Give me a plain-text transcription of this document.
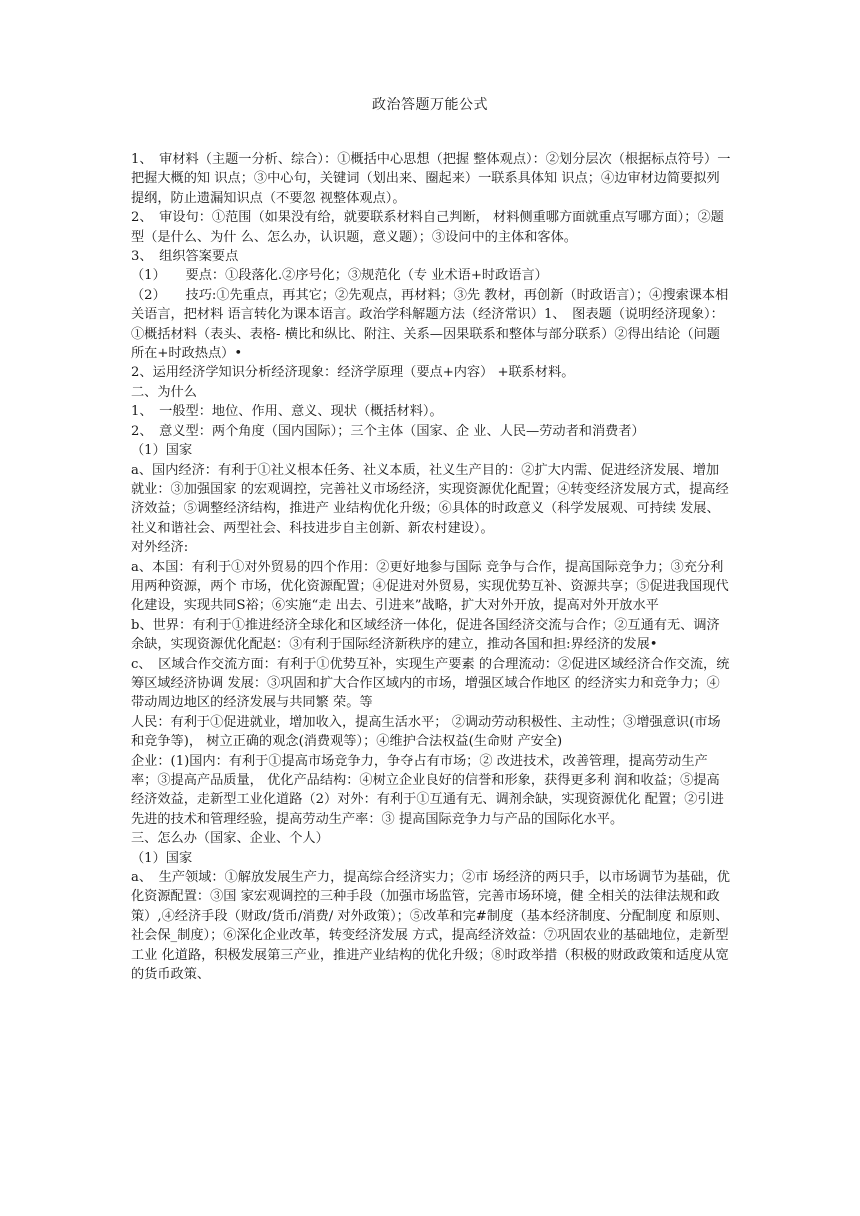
政治答题万能公式

1、　审材料（主题一分析、综合）：①概括中心思想（把握 整体观点）：②划分层次（根据标点符号）一把握大概的知 识点；③中心句，关键词（划出来、圈起来）一联系具体知 识点；④边审材边简要拟列提纲，防止遗漏知识点（不要忽 视整体观点）。

2、　审设句：①范围（如果没有给，就要联系材料自己判断， 材料侧重哪方面就重点写哪方面）；②题型（是什么、为什 么、怎么办，认识题，意义题）；③设问中的主体和客体。

3、　组织答案要点

（1）　　要点：①段落化.②序号化；③规范化（专 业术语+时政语言）

（2）　　技巧:①先重点，再其它；②先观点，再材料；③先 教材，再创新（时政语言）；④搜索课本相关语言，把材料 语言转化为课本语言。政治学科解题方法（经济常识）1、　图表题（说明经济现象）：①概括材料（表头、表格- 横比和纵比、附注、关系—因果联系和整体与部分联系）②得出结论（问题所在+时政热点）•

2、运用经济学知识分析经济现象：经济学原理（要点+内容） +联系材料。

二、为什么

1、　一般型：地位、作用、意义、现状（概括材料）。

2、　意义型：两个角度（国内国际）；三个主体（国家、企 业、人民—劳动者和消费者）

（1）国家

a、国内经济：有利于①社义根本任务、社义本质，社义生产目的：②扩大内需、促进经济发展、增加就业：③加强国家 的宏观调控，完善社义市场经济，实现资源优化配置；④转变经济发展方式，提高经济效益；⑤调整经济结构，推进产 业结构优化升级；⑥具体的时政意义（科学发展观、可持续 发展、社义和谐社会、两型社会、科技进步自主创新、新农村建设）。

对外经济:

a、本国：有利于①对外贸易的四个作用：②更好地参与国际 竞争与合作，提高国际竞争力；③充分利用两种资源，两个 市场，优化资源配置；④促进对外贸易，实现优势互补、资源共享；⑤促进我国现代化建设，实现共同S裕；⑥实施“走 出去、引进来”战略，扩大对外开放，提高对外开放水平

b、世界：有利于①推进经济全球化和区域经济一体化，促进各国经济交流与合作；②互通有无、调济余缺，实现资源优化配赵：③有利于国际经济新秩序的建立，推动各国和担:界经济的发展•

c、　区域合作交流方面：有利于①优势互补，实现生产要素 的合理流动：②促进区域经济合作交流，统筹区域经济协调 发展：③巩固和扩大合作区域内的市场，增强区域合作地区 的经济实力和竞争力；④带动周边地区的经济发展与共同繁 荣。等

人民：有利于①促进就业，增加收入，提高生活水平； ②调动劳动积极性、主动性；③增强意识(市场和竞争等)， 树立正确的观念(消费观等）；④维护合法权益(生命财 产安全)

企业：(1)国内：有利于①提高市场竞争力，争夺占有市场；② 改进技术，改善管理，提高劳动生产率；③提高产品质量， 优化产品结构：④树立企业良好的信誉和形象，获得更多利 润和收益；⑤提高经济效益，走新型工业化道路（2）对外：有利于①互通有无、调剂余缺，实现资源优化 配置；②引进先进的技术和管理经验，提高劳动生产率：③ 提高国际竞争力与产品的国际化水平。

三、怎么办（国家、企业、个人）

（1）国家

a、　生产领域：①解放发展生产力，提高综合经济实力；②市 场经济的两只手，以市场调节为基础，优化资源配置：③国 家宏观调控的三种手段（加强市场监管，完善市场环境，健 全相关的法律法规和政策）,④经济手段（财政/货币/消费/ 对外政策）；⑤改革和完#制度（基本经济制度、分配制度 和原则、社会保_制度）；⑥深化企业改革，转变经济发展 方式，提高经济效益：⑦巩固农业的基础地位，走新型工业 化道路，积极发展第三产业，推进产业结构的优化升级；⑧时政举措（积极的财政政策和适度从宽的货币政策、
